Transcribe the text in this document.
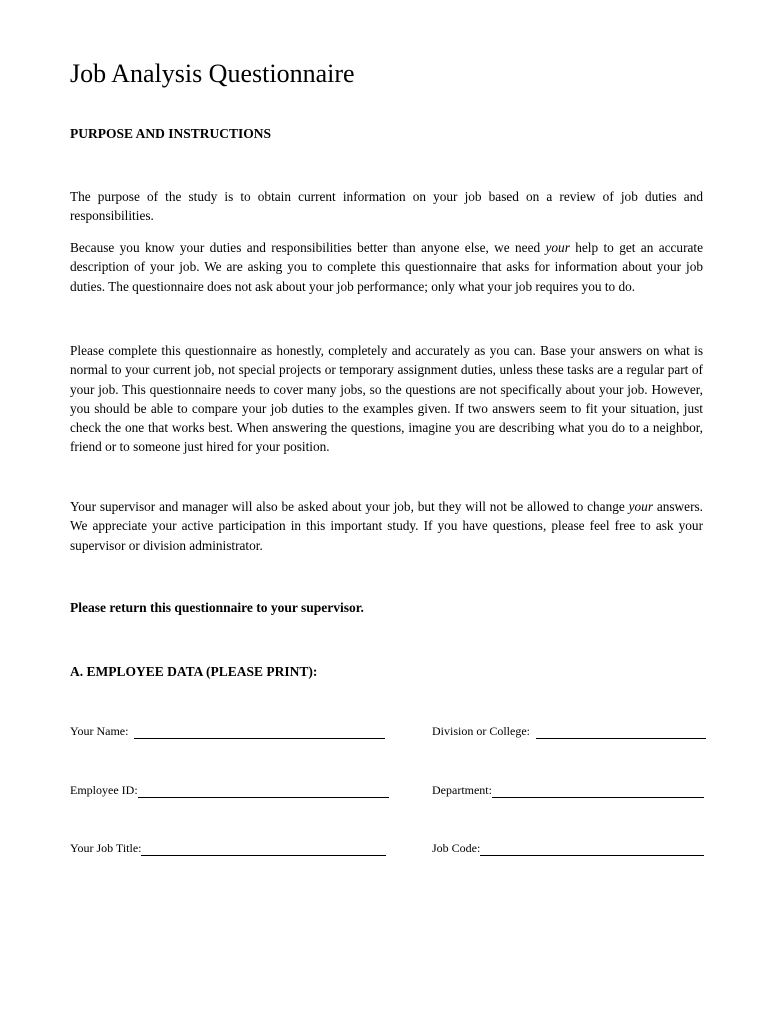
Job Analysis Questionnaire
PURPOSE AND INSTRUCTIONS

The purpose of the study is to obtain current information on your job based on a review of job duties and responsibilities.

Because you know your duties and responsibilities better than anyone else, we need your help to get an accurate description of your job. We are asking you to complete this questionnaire that asks for information about your job duties. The questionnaire does not ask about your job performance; only what your job requires you to do.

Please complete this questionnaire as honestly, completely and accurately as you can. Base your answers on what is normal to your current job, not special projects or temporary assignment duties, unless these tasks are a regular part of your job. This questionnaire needs to cover many jobs, so the questions are not specifically about your job. However, you should be able to compare your job duties to the examples given. If two answers seem to fit your situation, just check the one that works best. When answering the questions, imagine you are describing what you do to a neighbor, friend or to someone just hired for your position.

Your supervisor and manager will also be asked about your job, but they will not be allowed to change your answers. We appreciate your active participation in this important study. If you have questions, please feel free to ask your supervisor or division administrator.

Please return this questionnaire to your supervisor.
A. EMPLOYEE DATA (PLEASE PRINT):
Your Name:	Division or College:
Employee ID:	Department:
Your Job Title:	Job Code:
